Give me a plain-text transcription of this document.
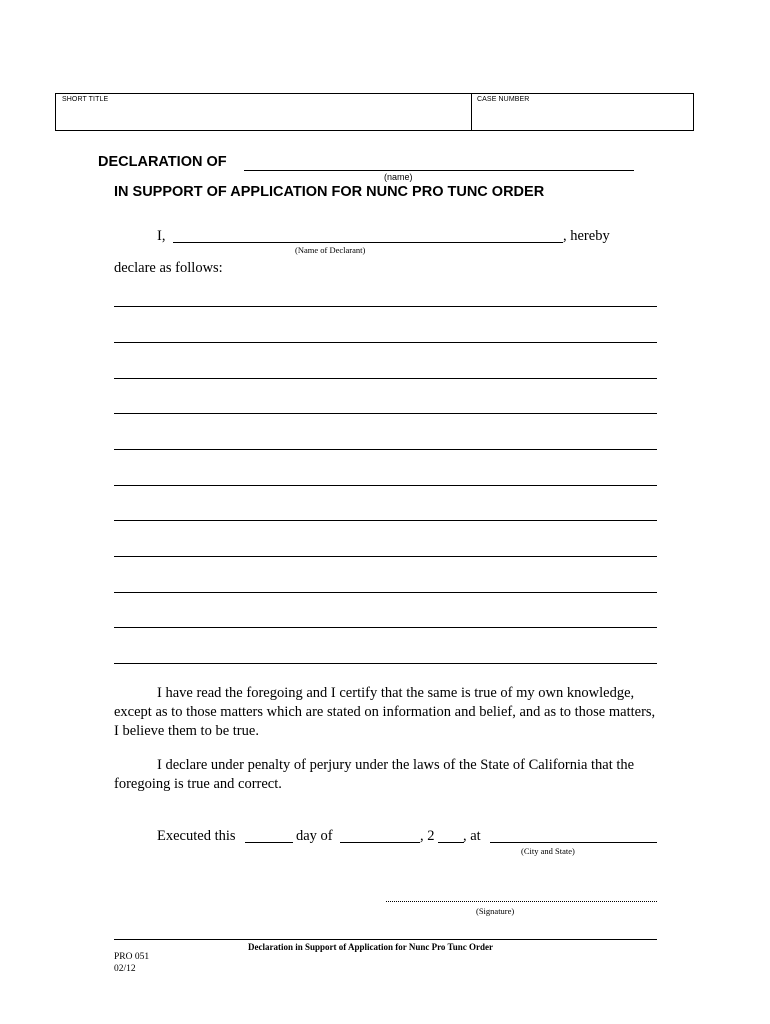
SHORT TITLE	CASE NUMBER
DECLARATION OF
(name)
IN SUPPORT OF APPLICATION FOR NUNC PRO TUNC ORDER
I,	, hereby
(Name of Declarant)
declare as follows:
I have read the foregoing and I certify that the same is true of my own knowledge, except as to those matters which are stated on information and belief, and as to those matters, I believe them to be true.
I declare under penalty of perjury under the laws of the State of California that the foregoing is true and correct.
Executed this	day of	, 2 , at
(City and State)
(Signature)
Declaration in Support of Application for Nunc Pro Tunc Order
PRO 051
02/12
